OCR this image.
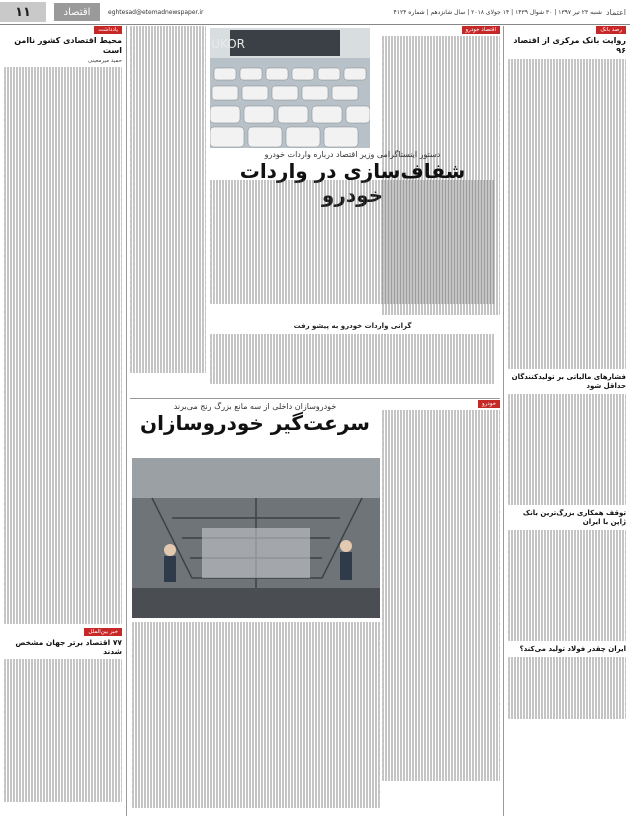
اعتماد
شنبه ۲۳ تیر ۱۳۹۷ | ۳۰ شوال ۱۴۳۹ | ۱۴ جولای ۲۰۱۸ | سال شانزدهم | شماره ۴۱۲۴
۱۱	اقتصاد	eghtesad@etemadnewspaper.ir
رصد بانک
روایت بانک مرکزی از اقتصاد ۹۶
فشارهای مالیاتی بر تولیدکنندگان حداقل شود
توقف همکاری بزرگ‌ترین بانک ژاپن با ایران
ایران چقدر فولاد تولید می‌کند؟
اقتصاد خودرو
UKOR
دستور اینستاگرامی وزیر اقتصاد درباره واردات خودرو
شفاف‌سازی در واردات خودرو
گرانی واردات خودرو به پیشو رفت
خودرو
خودروسازان داخلی از سه مانع بزرگ رنج می‌برند
سرعت‌گیر خودروسازان
یادداشت
محیط اقتصادی کشور ناامن است
حمید میر‌معینی
خبر بین‌الملل
۷۷ اقتصاد برتر جهان مشخص شدند
